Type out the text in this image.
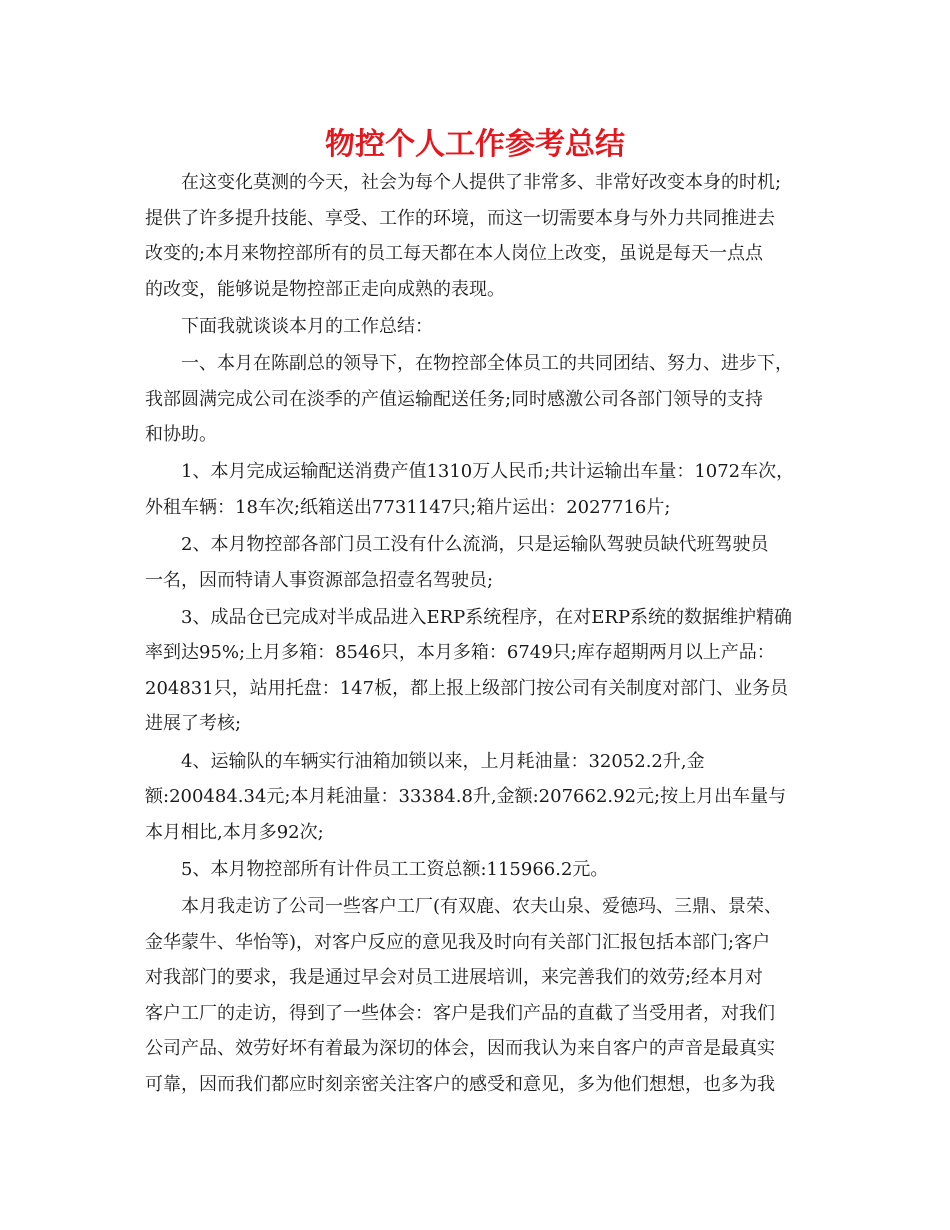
物控个人工作参考总结
　　在这变化莫测的今天，社会为每个人提供了非常多、非常好改变本身的时机;
提供了许多提升技能、享受、工作的环境，而这一切需要本身与外力共同推进去
改变的;本月来物控部所有的员工每天都在本人岗位上改变，虽说是每天一点点
的改变，能够说是物控部正走向成熟的表现。
　　下面我就谈谈本月的工作总结：
　　一、本月在陈副总的领导下，在物控部全体员工的共同团结、努力、进步下，
我部圆满完成公司在淡季的产值运输配送任务;同时感激公司各部门领导的支持
和协助。
　　1、本月完成运输配送消费产值1310万人民币;共计运输出车量：1072车次，
外租车辆：18车次;纸箱送出7731147只;箱片运出：2027716片;
　　2、本月物控部各部门员工没有什么流淌，只是运输队驾驶员缺代班驾驶员
一名，因而特请人事资源部急招壹名驾驶员;
　　3、成品仓已完成对半成品进入ERP系统程序，在对ERP系统的数据维护精确
率到达95%;上月多箱：8546只，本月多箱：6749只;库存超期两月以上产品：
204831只，站用托盘：147板，都上报上级部门按公司有关制度对部门、业务员
进展了考核;
　　4、运输队的车辆实行油箱加锁以来，上月耗油量：32052.2升,金
额:200484.34元;本月耗油量：33384.8升,金额:207662.92元;按上月出车量与
本月相比,本月多92次;
　　5、本月物控部所有计件员工工资总额:115966.2元。
　　本月我走访了公司一些客户工厂(有双鹿、农夫山泉、爱德玛、三鼎、景荣、
金华蒙牛、华怡等)，对客户反应的意见我及时向有关部门汇报包括本部门;客户
对我部门的要求，我是通过早会对员工进展培训，来完善我们的效劳;经本月对
客户工厂的走访，得到了一些体会：客户是我们产品的直截了当受用者，对我们
公司产品、效劳好坏有着最为深切的体会，因而我认为来自客户的声音是最真实
可靠，因而我们都应时刻亲密关注客户的感受和意见，多为他们想想，也多为我
